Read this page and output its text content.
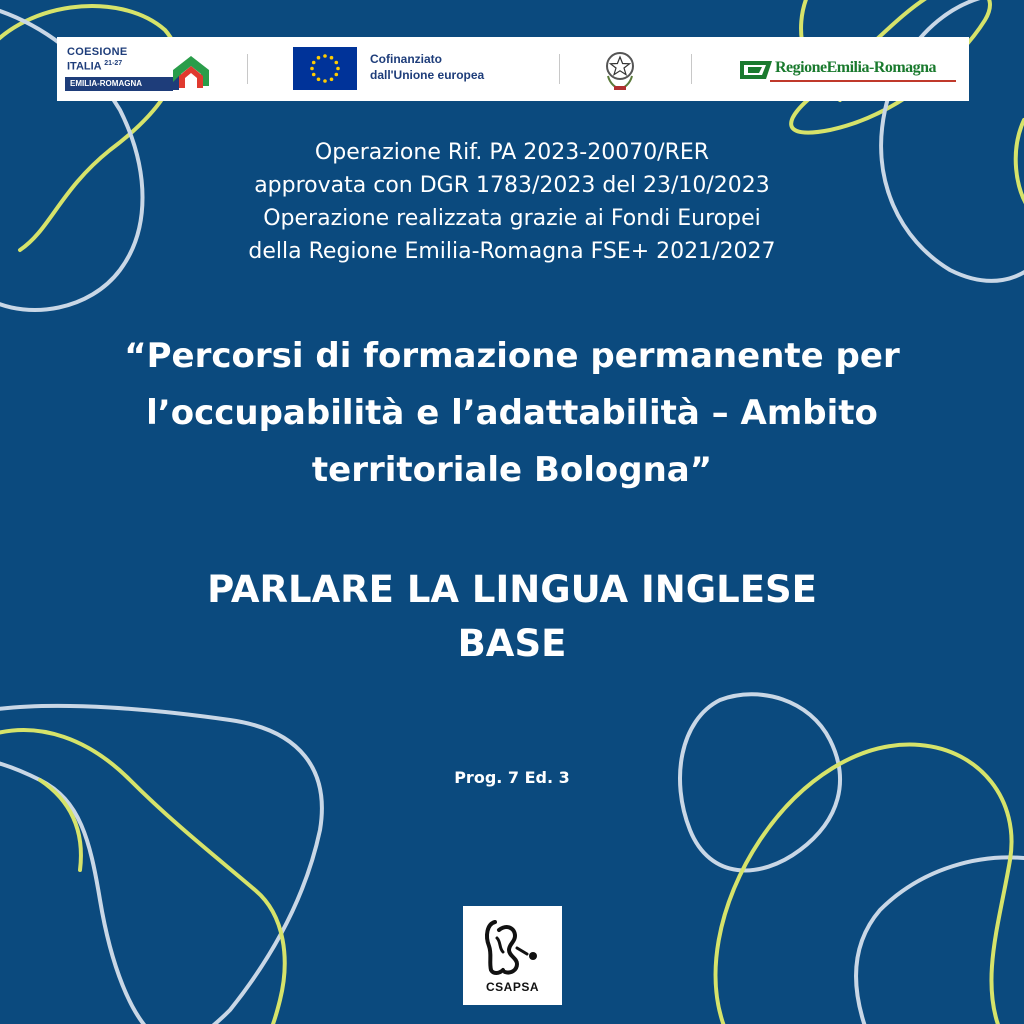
COESIONE
ITALIA $^{21-27}$
EMILIA-ROMAGNA
Cofinanziato
dall'Unione europea	RegioneEmilia-Romagna
Operazione Rif. PA 2023-20070/RER
approvata con DGR 1783/2023 del 23/10/2023
Operazione realizzata grazie ai Fondi Europei
della Regione Emilia-Romagna FSE+ 2021/2027
“Percorsi di formazione permanente per
l’occupabilità e l’adattabilità – Ambito
territoriale Bologna”
PARLARE LA LINGUA INGLESE
BASE
Prog. 7 Ed. 3
CSAPSA
